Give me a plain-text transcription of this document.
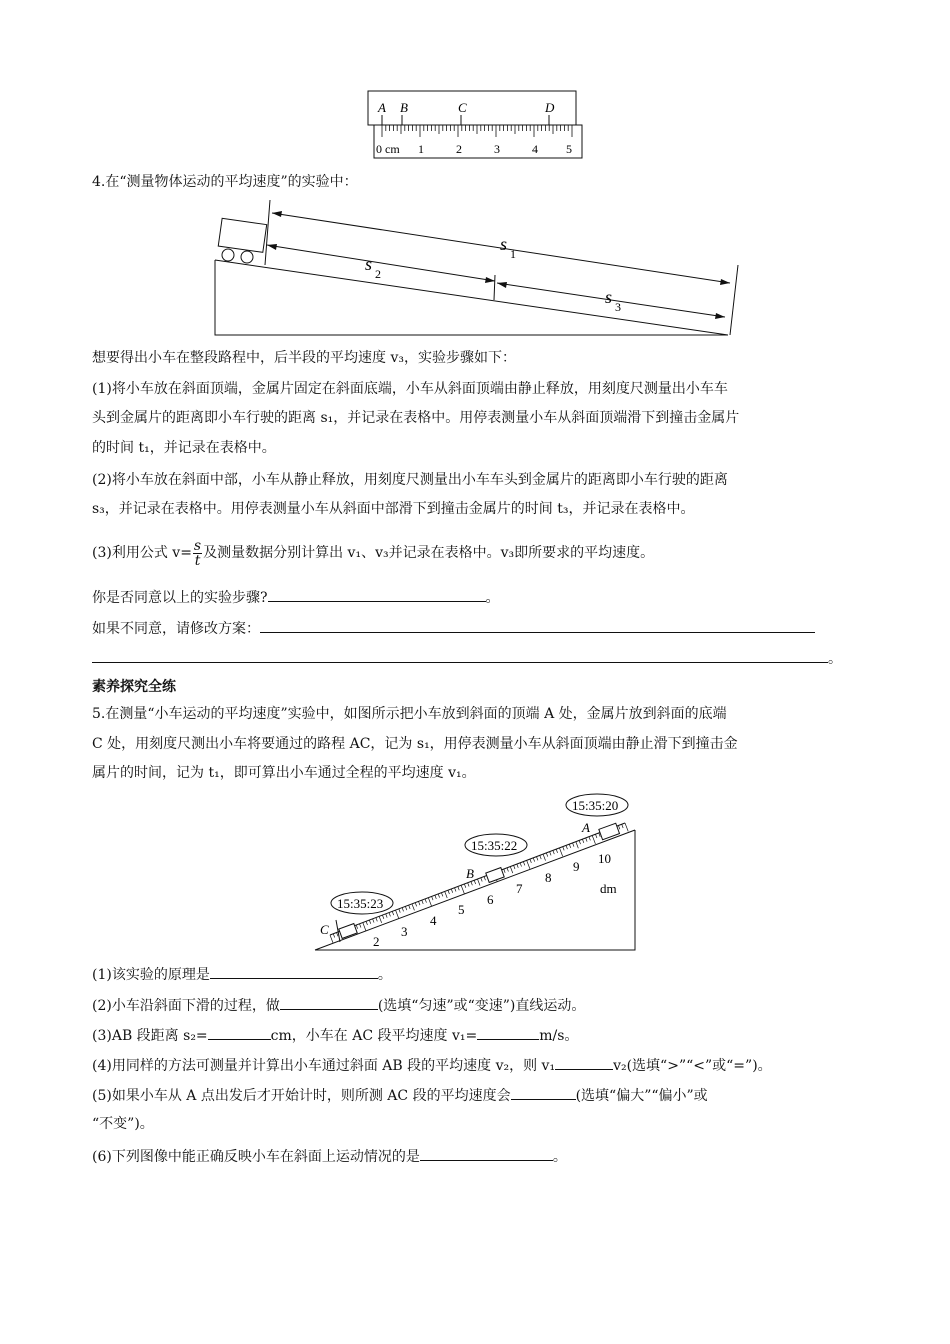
A B	C	D
0 cm 1	2	3	4 5
4.在“测量物体运动的平均速度”的实验中：
s 1
s 2
s 3
想要得出小车在整段路程中，后半段的平均速度 v₃，实验步骤如下：
(1)将小车放在斜面顶端，金属片固定在斜面底端，小车从斜面顶端由静止释放，用刻度尺测量出小车车
头到金属片的距离即小车行驶的距离 s₁，并记录在表格中。用停表测量小车从斜面顶端滑下到撞击金属片
的时间 t₁，并记录在表格中。
(2)将小车放在斜面中部，小车从静止释放，用刻度尺测量出小车车头到金属片的距离即小车行驶的距离
s₃，并记录在表格中。用停表测量小车从斜面中部滑下到撞击金属片的时间 t₃，并记录在表格中。
(3)利用公式 $v= \frac{s}{t}$ 及测量数据分别计算出 v₁、v₃并记录在表格中。v₃即所要求的平均速度。
你是否同意以上的实验步骤?	。
如果不同意，请修改方案：
。
素养探究全练
5.在测量“小车运动的平均速度”实验中，如图所示把小车放到斜面的顶端 A 处，金属片放到斜面的底端
C 处，用刻度尺测出小车将要通过的路程 AC，记为 s₁，用停表测量小车从斜面顶端由静止滑下到撞击金
属片的时间，记为 t₁，即可算出小车通过全程的平均速度 v₁。
15:35:20
15:35:22
15:35:23
A
B
C
dm
2
3
4
5
6
7
8
9
10
(1)该实验的原理是	。
(2)小车沿斜面下滑的过程，做	(选填“匀速”或“变速”)直线运动。
(3)AB 段距离 s₂=	cm，小车在 AC 段平均速度 v₁=	m/s。
(4)用同样的方法可测量并计算出小车通过斜面 AB 段的平均速度 v₂，则 v₁	v₂(选填“>”“<”或“=”)。
(5)如果小车从 A 点出发后才开始计时，则所测 AC 段的平均速度会	(选填“偏大”“偏小”或
“不变”)。
(6)下列图像中能正确反映小车在斜面上运动情况的是	。
